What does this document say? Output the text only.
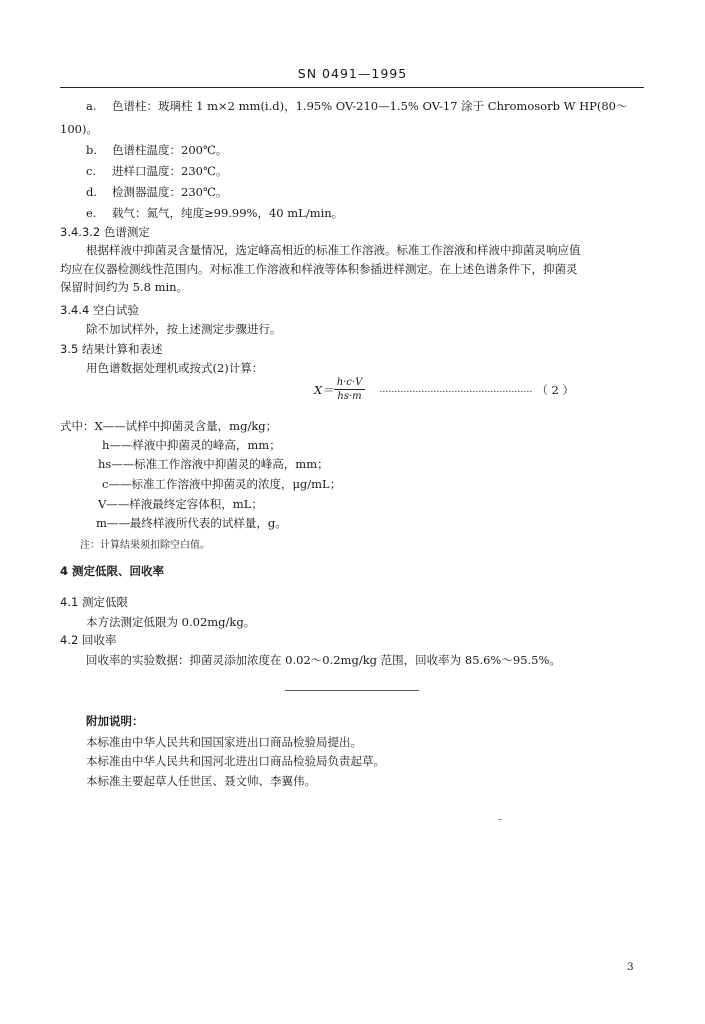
SN 0491—1995
a. 色谱柱：玻璃柱 1 m×2 mm(i.d)，1.95% OV-210—1.5% OV-17 涂于 Chromosorb W HP(80～
100)。
b. 色谱柱温度：200℃。
c. 进样口温度：230℃。
d. 检测器温度：230℃。
e. 载气：氮气，纯度≥99.99%，40 mL/min。
3.4.3.2 色谱测定
根据样液中抑菌灵含量情况，选定峰高相近的标准工作溶液。标准工作溶液和样液中抑菌灵响应值
均应在仪器检测线性范围内。对标准工作溶液和样液等体积参插进样测定。在上述色谱条件下，抑菌灵
保留时间约为 5.8 min。
3.4.4 空白试验
除不加试样外，按上述测定步骤进行。
3.5 结果计算和表述
用色谱数据处理机或按式(2)计算：
$X= \frac{h\cdot c\cdot V}{hs\cdot m}$ …………………………………………… （ 2 ）
式中：X——试样中抑菌灵含量，mg/kg；
h——样液中抑菌灵的峰高，mm；
hs——标准工作溶液中抑菌灵的峰高，mm；
c——标准工作溶液中抑菌灵的浓度，μg/mL；
V——样液最终定容体积，mL；
m——最终样液所代表的试样量，g。
注：计算结果须扣除空白值。
4 测定低限、回收率
4.1 测定低限
本方法测定低限为 0.02mg/kg。
4.2 回收率
回收率的实验数据：抑菌灵添加浓度在 0.02～0.2mg/kg 范围，回收率为 85.6%～95.5%。
附加说明：
本标准由中华人民共和国国家进出口商品检验局提出。
本标准由中华人民共和国河北进出口商品检验局负责起草。
本标准主要起草人任世匡、聂文帅、李翼伟。
3
